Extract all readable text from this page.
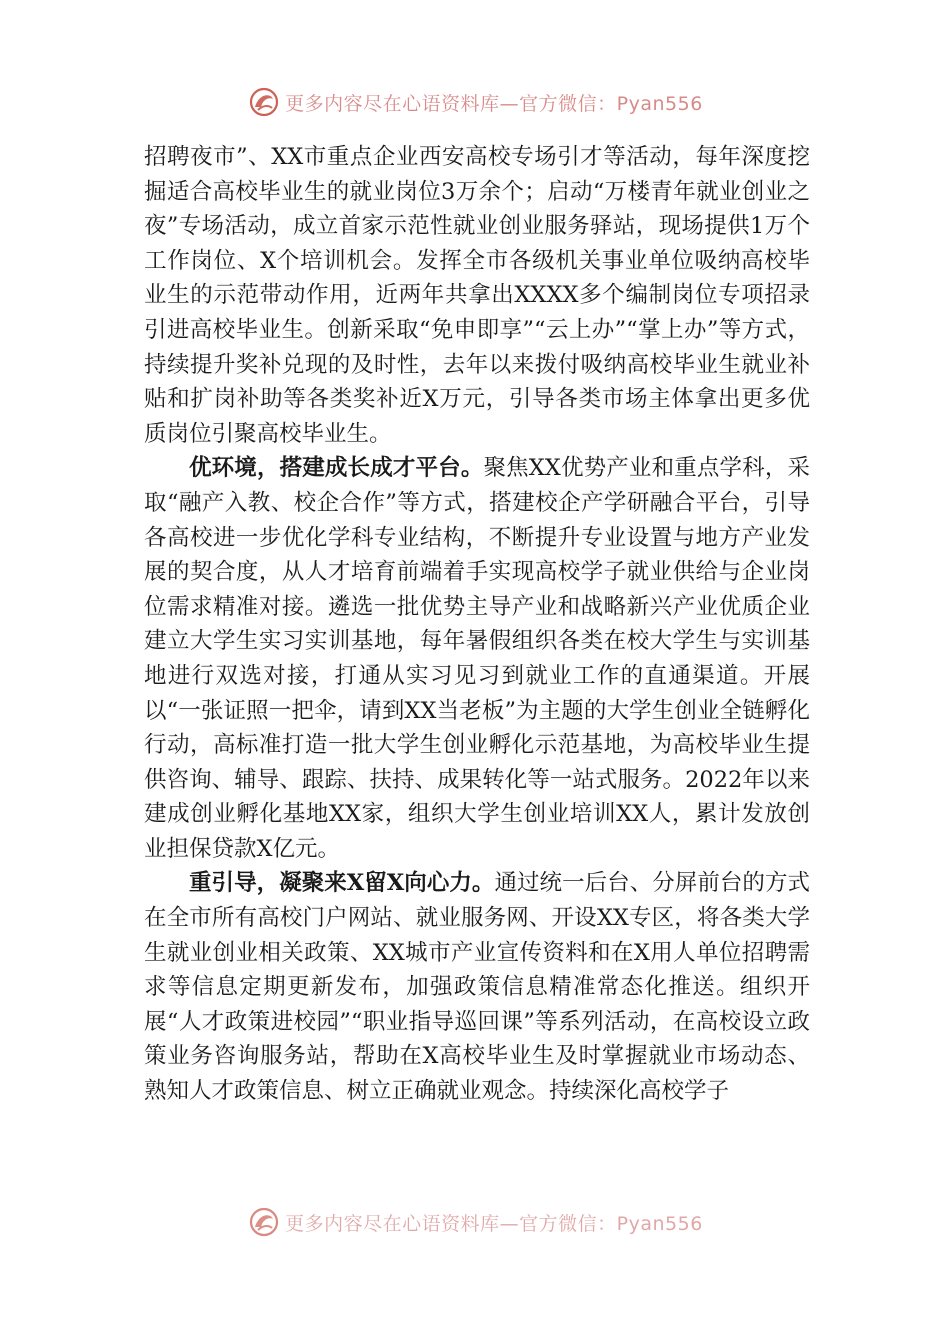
更多内容尽在心语资料库—官方微信：Pyan556

招聘夜市”、XX市重点企业西安高校专场引才等活动，每年深度挖掘适合高校毕业生的就业岗位3万余个；启动“万楼青年就业创业之夜”专场活动，成立首家示范性就业创业服务驿站，现场提供1万个工作岗位、X个培训机会。发挥全市各级机关事业单位吸纳高校毕业生的示范带动作用，近两年共拿出XXXX多个编制岗位专项招录引进高校毕业生。创新采取“免申即享”“云上办”“掌上办”等方式，持续提升奖补兑现的及时性，去年以来拨付吸纳高校毕业生就业补贴和扩岗补助等各类奖补近X万元，引导各类市场主体拿出更多优质岗位引聚高校毕业生。

优环境，搭建成长成才平台。聚焦XX优势产业和重点学科，采取“融产入教、校企合作”等方式，搭建校企产学研融合平台，引导各高校进一步优化学科专业结构，不断提升专业设置与地方产业发展的契合度，从人才培育前端着手实现高校学子就业供给与企业岗位需求精准对接。遴选一批优势主导产业和战略新兴产业优质企业建立大学生实习实训基地，每年暑假组织各类在校大学生与实训基地进行双选对接，打通从实习见习到就业工作的直通渠道。开展以“一张证照一把伞，请到XX当老板”为主题的大学生创业全链孵化行动，高标准打造一批大学生创业孵化示范基地，为高校毕业生提供咨询、辅导、跟踪、扶持、成果转化等一站式服务。2022年以来建成创业孵化基地XX家，组织大学生创业培训XX人，累计发放创业担保贷款X亿元。

重引导，凝聚来X留X向心力。通过统一后台、分屏前台的方式在全市所有高校门户网站、就业服务网、开设XX专区，将各类大学生就业创业相关政策、XX城市产业宣传资料和在X用人单位招聘需求等信息定期更新发布，加强政策信息精准常态化推送。组织开展“人才政策进校园”“职业指导巡回课”等系列活动，在高校设立政策业务咨询服务站，帮助在X高校毕业生及时掌握就业市场动态、熟知人才政策信息、树立正确就业观念。持续深化高校学子

更多内容尽在心语资料库—官方微信：Pyan556
